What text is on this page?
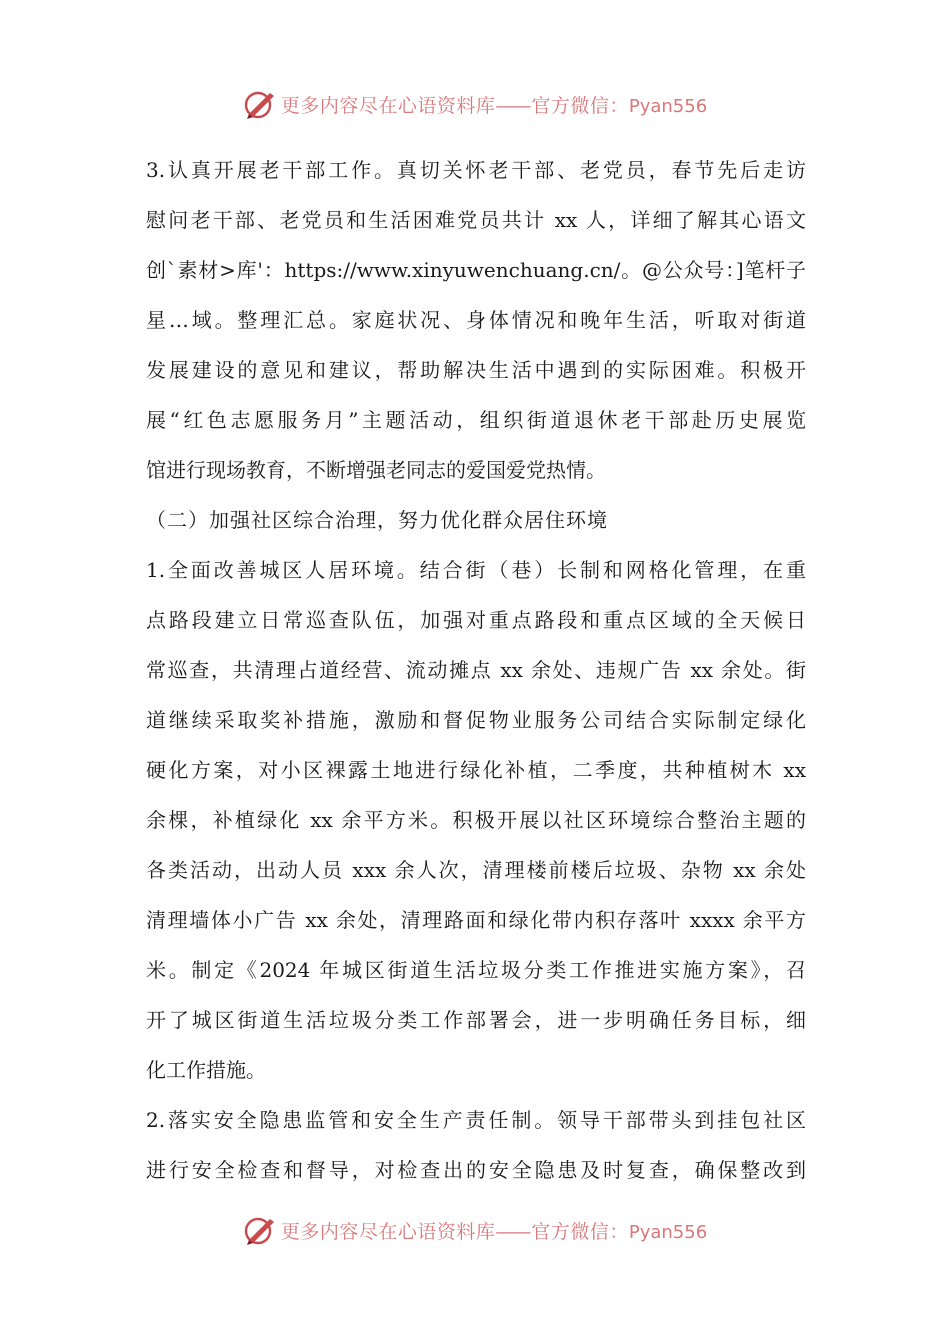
更多内容尽在心语资料库—— 官方微信：Pyan556
3.认真开展老干部工作。真切关怀老干部、老党员，春节先后走访
慰问老干部、老党员和生活困难党员共计 xx 人，详细了解其心语文
创`素材>库'：https://www.xinyuwenchuang.cn/。@公众号：]笔杆子
星…域。整理汇总。家庭状况、身体情况和晚年生活，听取对街道
发展建设的意见和建议，帮助解决生活中遇到的实际困难。积极开
展“红色志愿服务月”主题活动，组织街道退休老干部赴历史展览
馆进行现场教育，不断增强老同志的爱国爱党热情。
（二）加强社区综合治理，努力优化群众居住环境
1.全面改善城区人居环境。结合街（巷）长制和网格化管理，在重
点路段建立日常巡查队伍，加强对重点路段和重点区域的全天候日
常巡查，共清理占道经营、流动摊点 xx 余处、违规广告 xx 余处。街
道继续采取奖补措施，激励和督促物业服务公司结合实际制定绿化
硬化方案，对小区裸露土地进行绿化补植，二季度，共种植树木 xx
余棵，补植绿化 xx 余平方米。积极开展以社区环境综合整治主题的
各类活动，出动人员 xxx 余人次，清理楼前楼后垃圾、杂物 xx 余处
清理墙体小广告 xx 余处，清理路面和绿化带内积存落叶 xxxx 余平方
米。制定《2024 年城区街道生活垃圾分类工作推进实施方案》，召
开了城区街道生活垃圾分类工作部署会，进一步明确任务目标，细
化工作措施。
2.落实安全隐患监管和安全生产责任制。领导干部带头到挂包社区
进行安全检查和督导，对检查出的安全隐患及时复查，确保整改到
更多内容尽在心语资料库—— 官方微信：Pyan556
